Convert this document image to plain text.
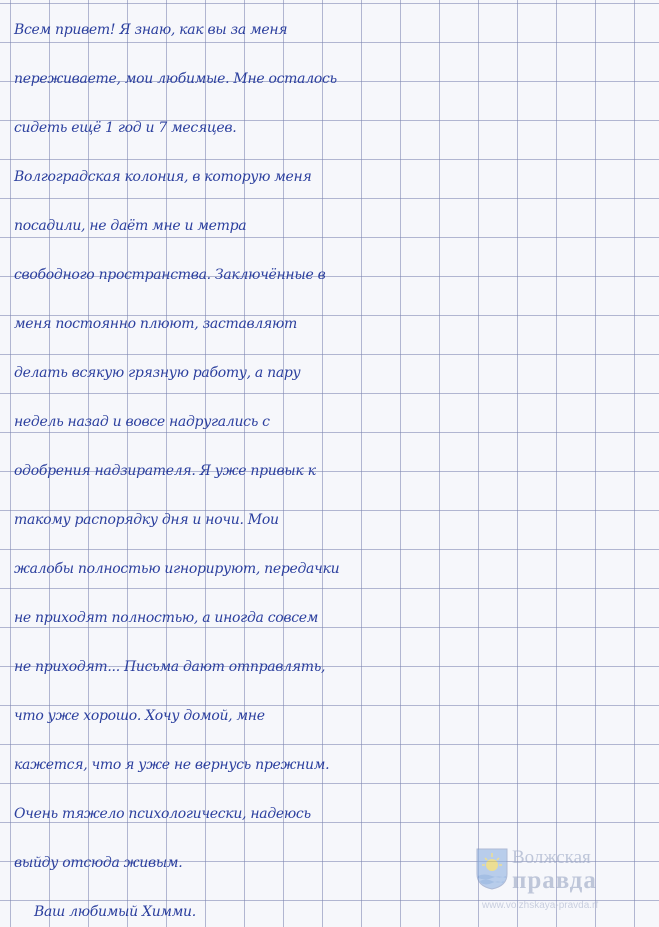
Всем привет! Я знаю, как вы за меня
переживаете, мои любимые. Мне осталось
сидеть ещё 1 год и 7 месяцев.
Волгоградская колония, в которую меня
посадили, не даёт мне и метра
свободного пространства. Заключённые в
меня постоянно плюют, заставляют
делать всякую грязную работу, а пару
недель назад и вовсе надругались с
одобрения надзирателя. Я уже привык к
такому распорядку дня и ночи. Мои
жалобы полностью игнорируют, передачки
не приходят полностью, а иногда совсем
не приходят... Письма дают отправлять,
что уже хорошо. Хочу домой, мне
кажется, что я уже не вернусь прежним.
Очень тяжело психологически, надеюсь
выйду отсюда живым.
Ваш любимый Химми.
Волжская
правда
www.volzhskaya-pravda.rf
